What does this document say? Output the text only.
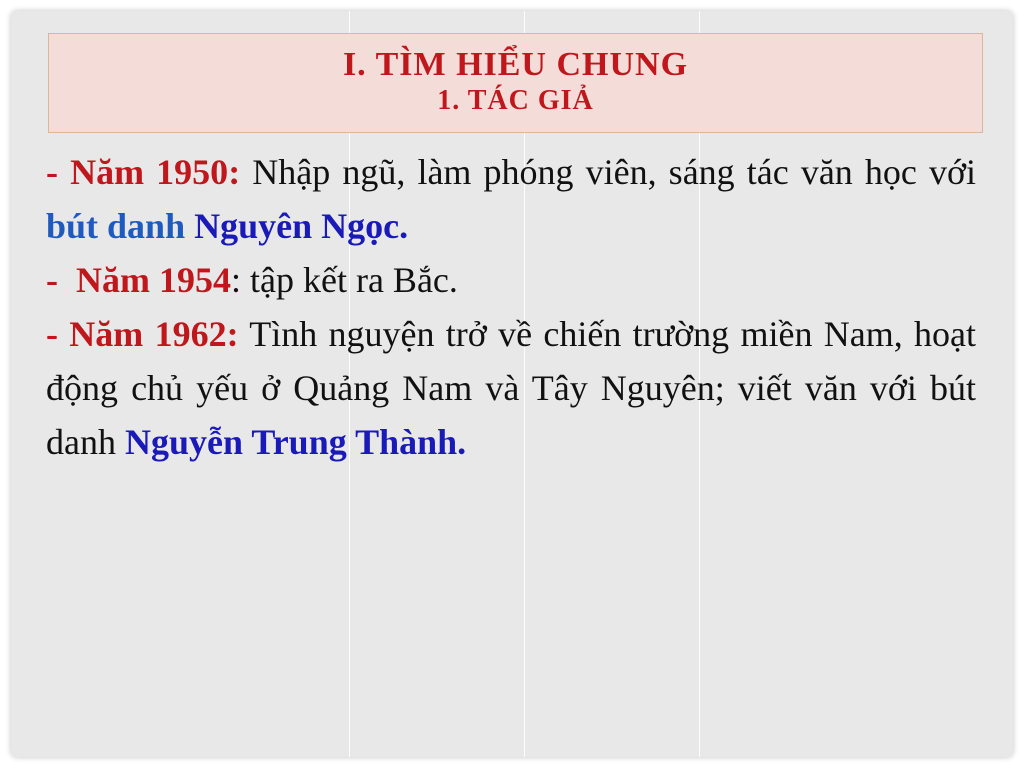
I. TÌM HIỂU CHUNG
1. TÁC GIẢ

- Năm 1950: Nhập ngũ, làm phóng viên, sáng tác văn học với bút danh Nguyên Ngọc.

-  Năm 1954: tập kết ra Bắc.

- Năm 1962: Tình nguyện trở về chiến trường miền Nam, hoạt động chủ yếu ở Quảng Nam và Tây Nguyên; viết văn với bút danh Nguyễn Trung Thành.
